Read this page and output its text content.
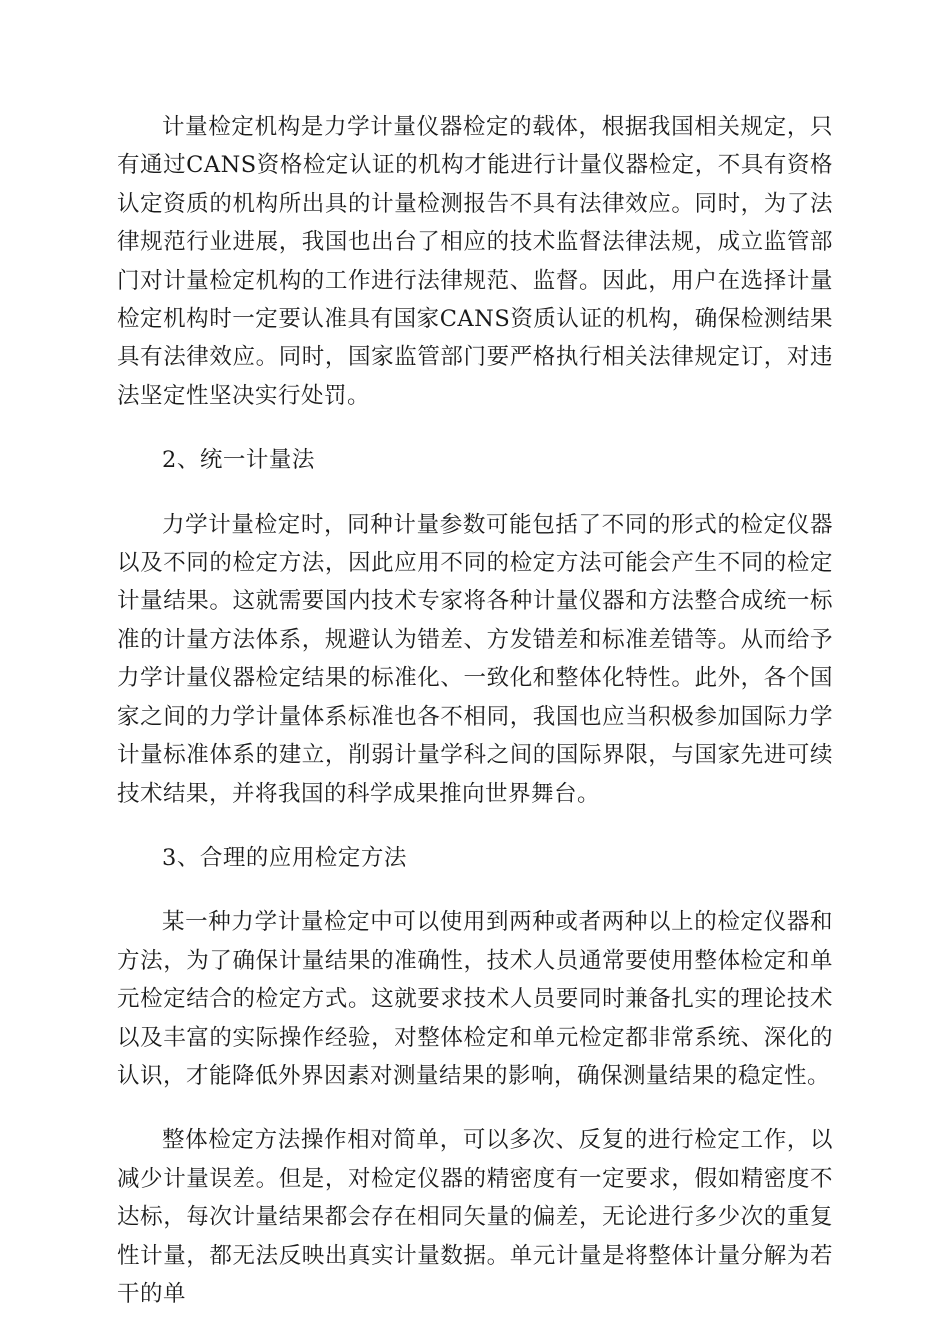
计量检定机构是力学计量仪器检定的载体，根据我国相关规定，只有通过CANS资格检定认证的机构才能进行计量仪器检定，不具有资格认定资质的机构所出具的计量检测报告不具有法律效应。同时，为了法律规范行业进展，我国也出台了相应的技术监督法律法规，成立监管部门对计量检定机构的工作进行法律规范、监督。因此，用户在选择计量检定机构时一定要认准具有国家CANS资质认证的机构，确保检测结果具有法律效应。同时，国家监管部门要严格执行相关法律规定订，对违法坚定性坚决实行处罚。

2、统一计量法

力学计量检定时，同种计量参数可能包括了不同的形式的检定仪器以及不同的检定方法，因此应用不同的检定方法可能会产生不同的检定计量结果。这就需要国内技术专家将各种计量仪器和方法整合成统一标准的计量方法体系，规避认为错差、方发错差和标准差错等。从而给予力学计量仪器检定结果的标准化、一致化和整体化特性。此外，各个国家之间的力学计量体系标准也各不相同，我国也应当积极参加国际力学计量标准体系的建立，削弱计量学科之间的国际界限，与国家先进可续技术结果，并将我国的科学成果推向世界舞台。

3、合理的应用检定方法

某一种力学计量检定中可以使用到两种或者两种以上的检定仪器和方法，为了确保计量结果的准确性，技术人员通常要使用整体检定和单元检定结合的检定方式。这就要求技术人员要同时兼备扎实的理论技术以及丰富的实际操作经验，对整体检定和单元检定都非常系统、深化的认识，才能降低外界因素对测量结果的影响，确保测量结果的稳定性。

整体检定方法操作相对简单，可以多次、反复的进行检定工作，以减少计量误差。但是，对检定仪器的精密度有一定要求，假如精密度不达标，每次计量结果都会存在相同矢量的偏差，无论进行多少次的重复性计量，都无法反映出真实计量数据。单元计量是将整体计量分解为若干的单
